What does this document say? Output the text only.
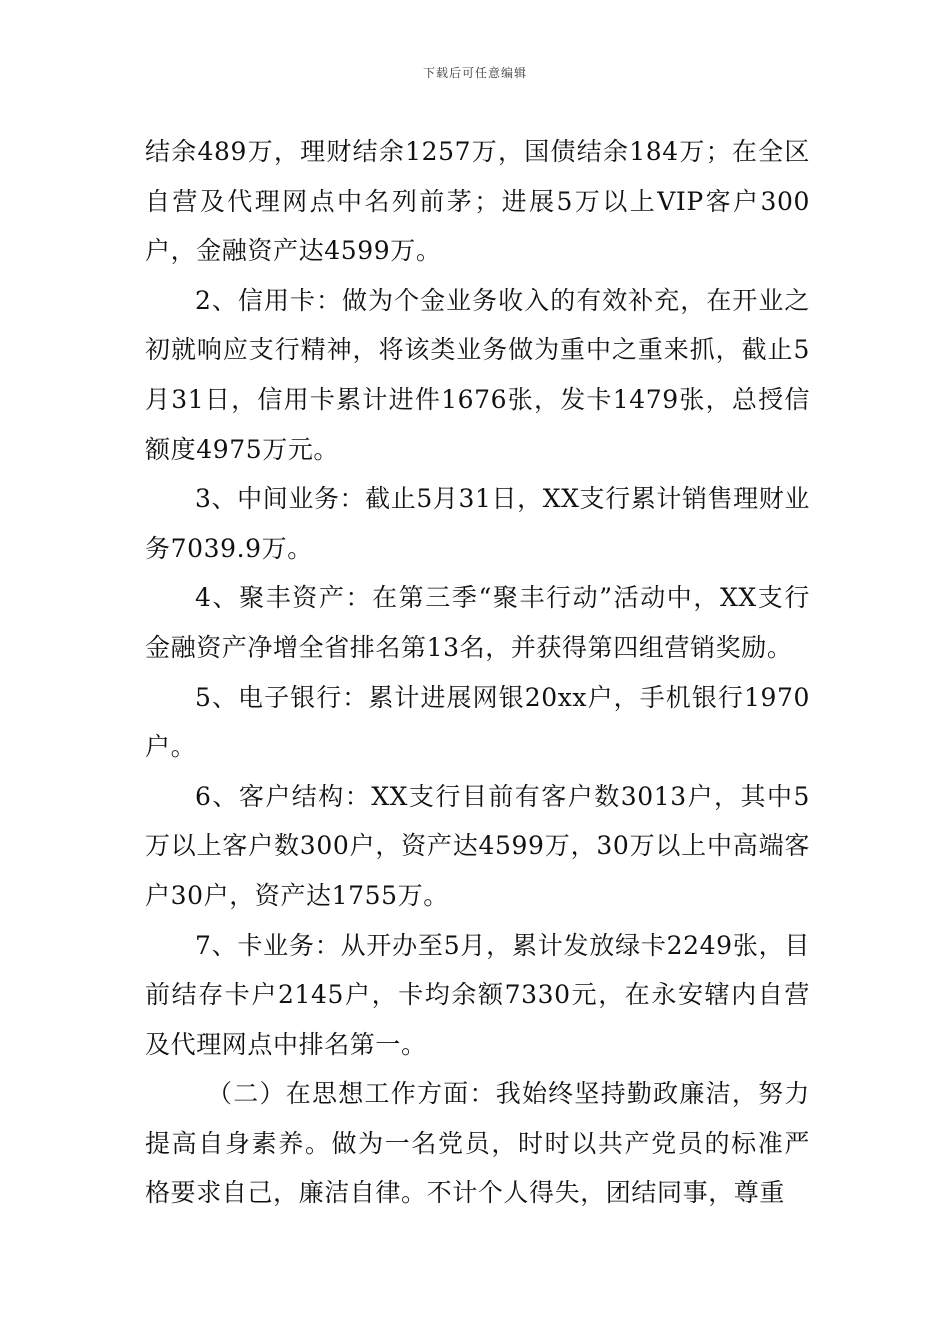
下载后可任意编辑

结余489万，理财结余1257万，国债结余184万；在全区自营及代理网点中名列前茅；进展5万以上VIP客户300户，金融资产达4599万。

2、信用卡：做为个金业务收入的有效补充，在开业之初就响应支行精神，将该类业务做为重中之重来抓，截止5月31日，信用卡累计进件1676张，发卡1479张，总授信额度4975万元。

3、中间业务：截止5月31日，XX支行累计销售理财业务7039.9万。

4、聚丰资产：在第三季“聚丰行动”活动中，XX支行金融资产净增全省排名第13名，并获得第四组营销奖励。

5、电子银行：累计进展网银20xx户，手机银行1970户。

6、客户结构：XX支行目前有客户数3013户，其中5万以上客户数300户，资产达4599万，30万以上中高端客户30户，资产达1755万。

7、卡业务：从开办至5月，累计发放绿卡2249张，目前结存卡户2145户，卡均余额7330元，在永安辖内自营及代理网点中排名第一。

（二）在思想工作方面：我始终坚持勤政廉洁，努力提高自身素养。做为一名党员，时时以共产党员的标准严格要求自己，廉洁自律。不计个人得失，团结同事，尊重
